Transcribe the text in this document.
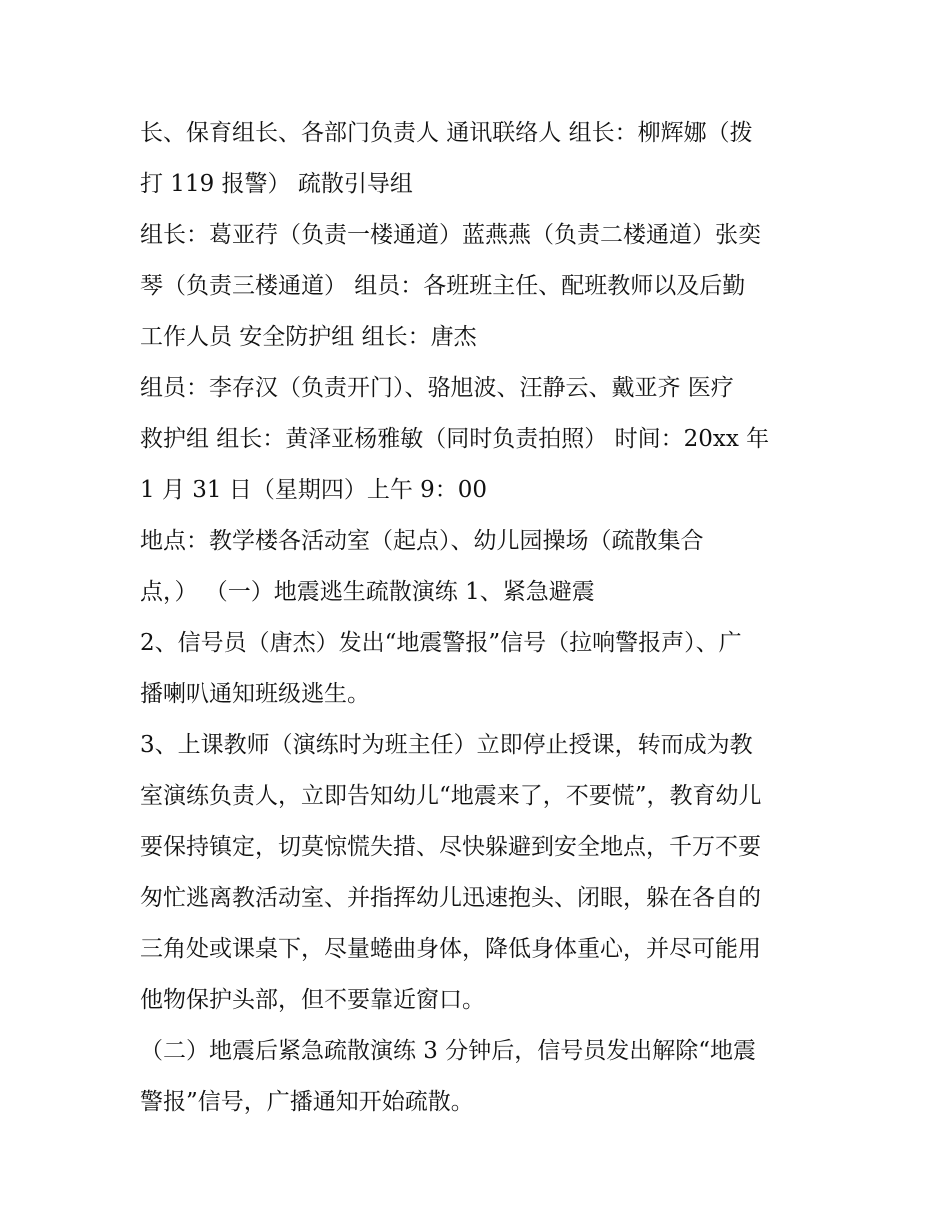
长、保育组长、各部门负责人 通讯联络人 组长：柳辉娜（拨
打 119 报警） 疏散引导组
组长：葛亚荇（负责一楼通道）蓝燕燕（负责二楼通道）张奕
琴（负责三楼通道） 组员：各班班主任、配班教师以及后勤
工作人员 安全防护组 组长：唐杰
组员：李存汉（负责开门）、骆旭波、汪静云、戴亚齐 医疗
救护组 组长：黄泽亚杨雅敏（同时负责拍照） 时间：20xx 年
1 月 31 日（星期四）上午 9：00
地点：教学楼各活动室（起点）、幼儿园操场（疏散集合
点，） （一）地震逃生疏散演练 1、紧急避震
2、信号员（唐杰）发出“地震警报”信号（拉响警报声）、广
播喇叭通知班级逃生。
3、上课教师（演练时为班主任）立即停止授课，转而成为教
室演练负责人，立即告知幼儿“地震来了，不要慌”，教育幼儿
要保持镇定，切莫惊慌失措、尽快躲避到安全地点，千万不要
匆忙逃离教活动室、并指挥幼儿迅速抱头、闭眼，躲在各自的
三角处或课桌下，尽量蜷曲身体，降低身体重心，并尽可能用
他物保护头部，但不要靠近窗口。
（二）地震后紧急疏散演练 3 分钟后，信号员发出解除“地震
警报”信号，广播通知开始疏散。
